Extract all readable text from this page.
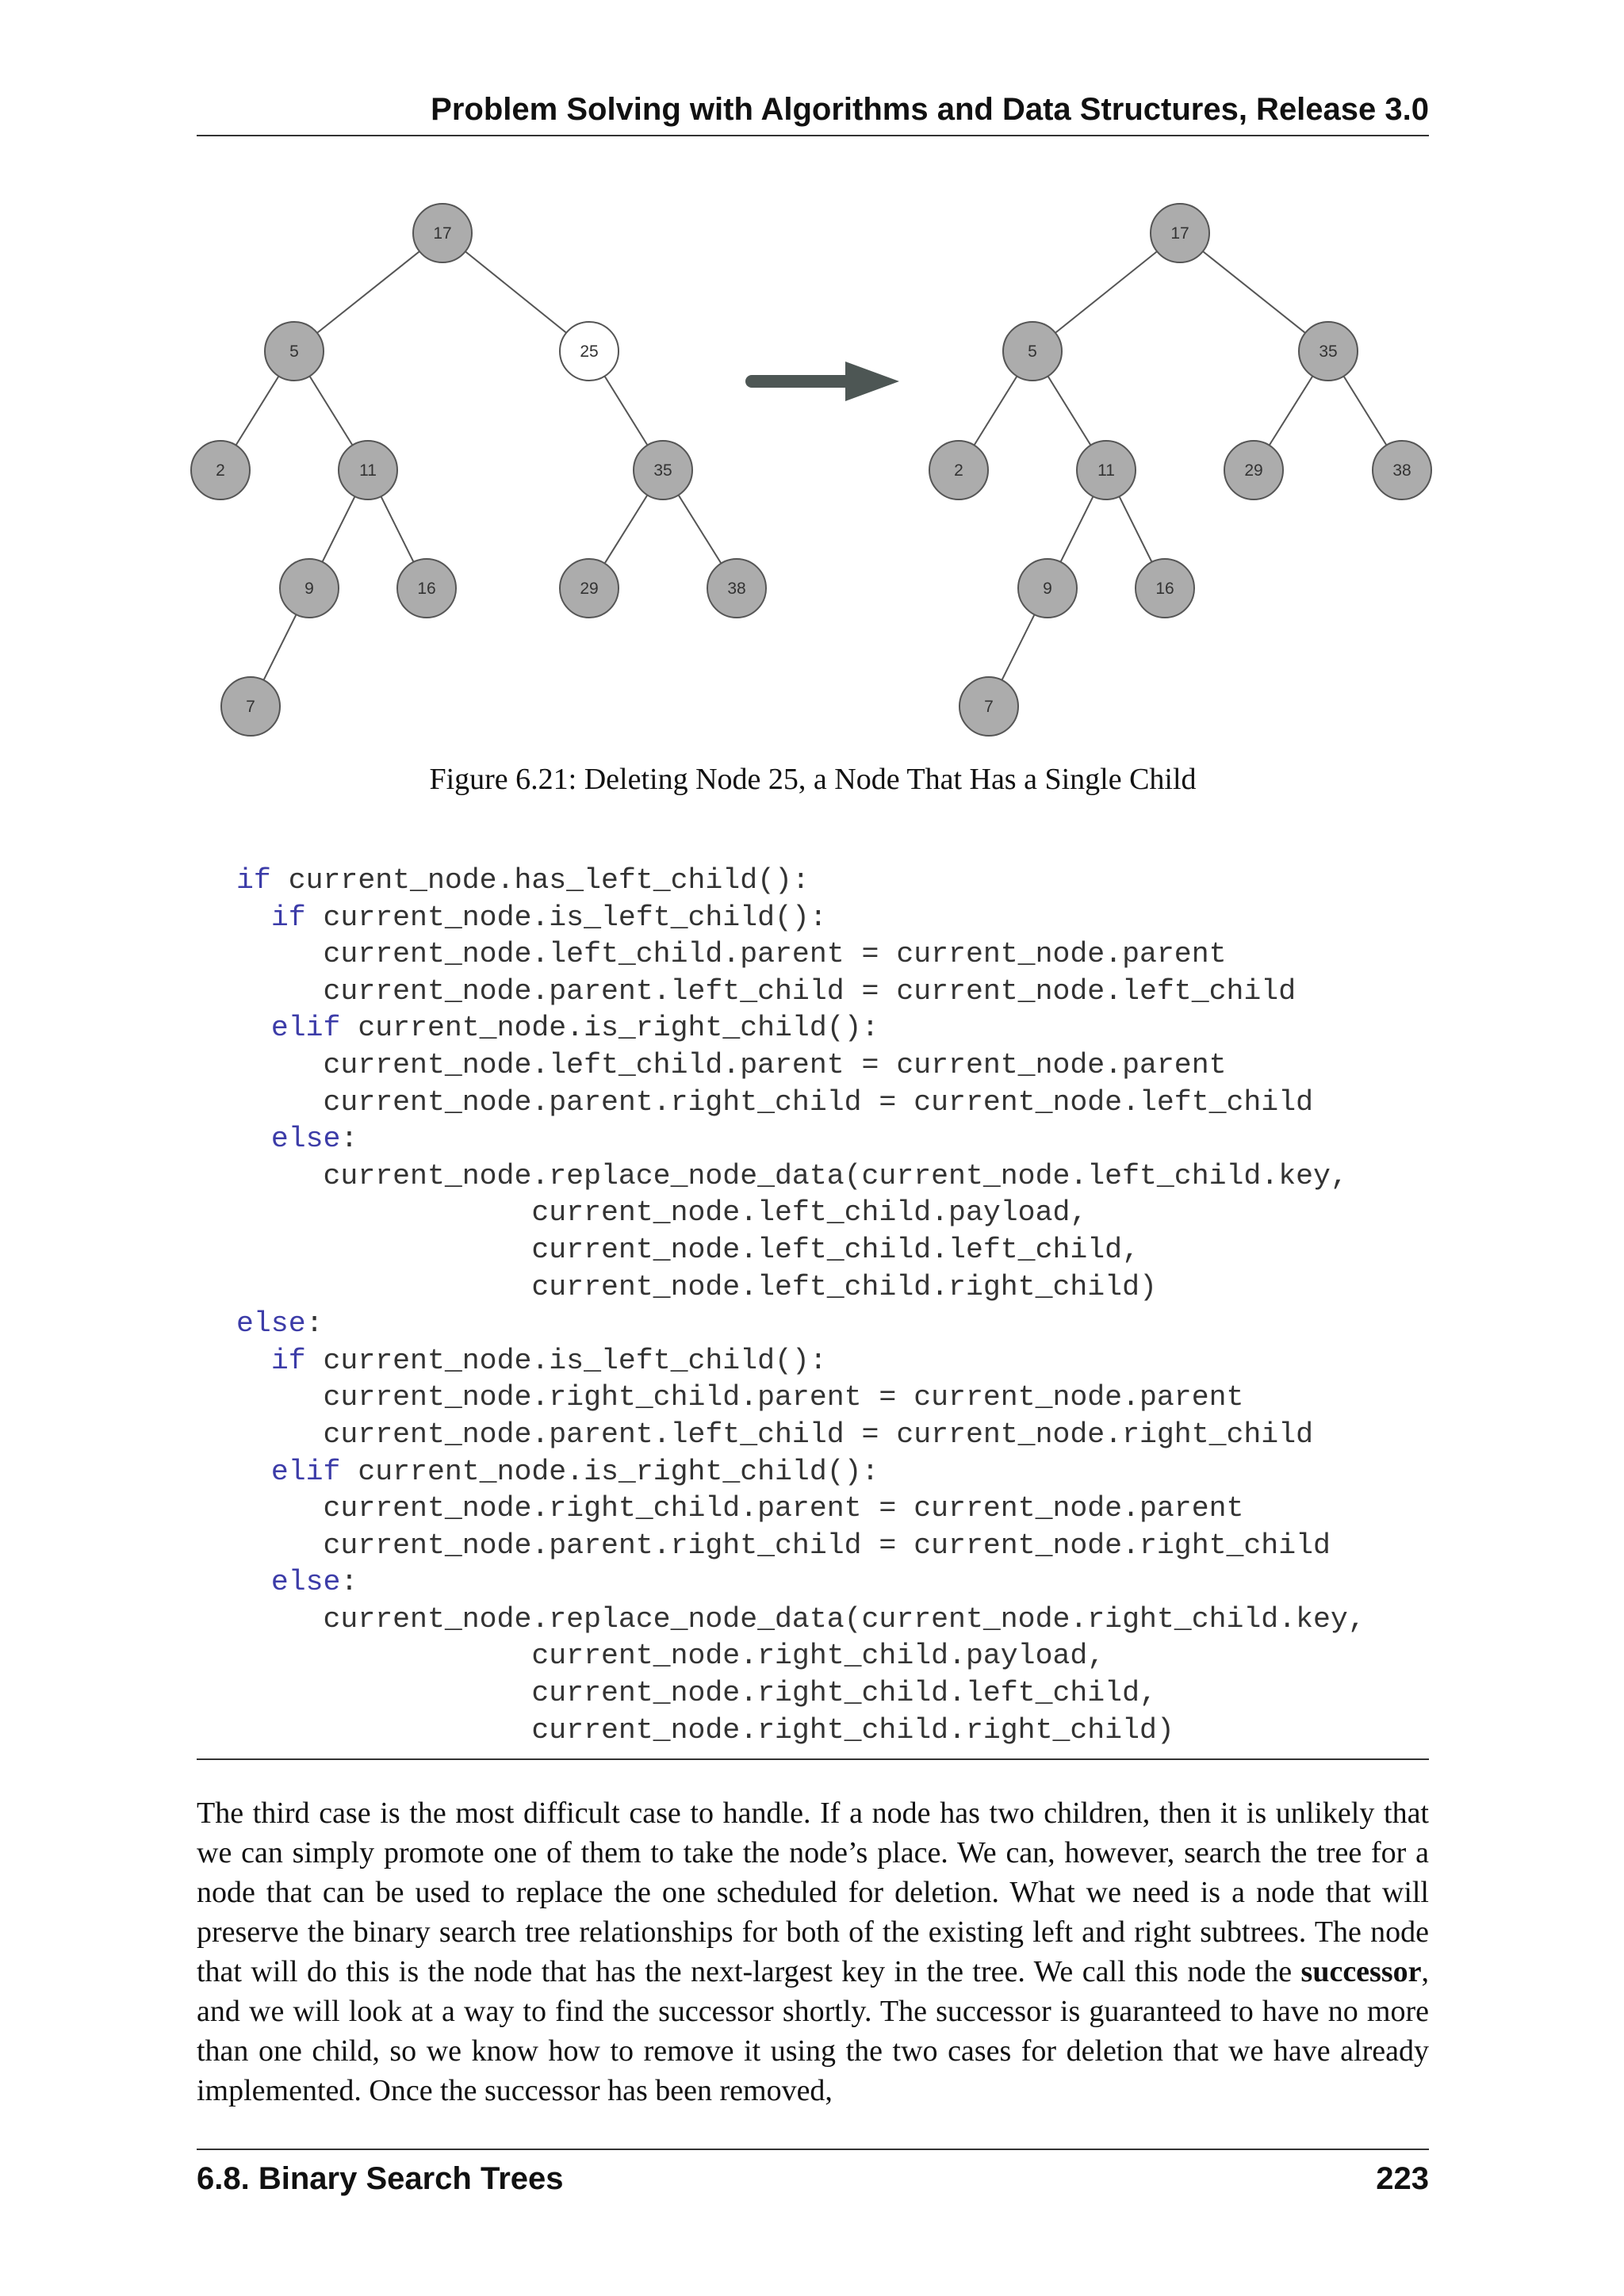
Problem Solving with Algorithms and Data Structures, Release 3.0
17
5	25
2	11	35
9	16	29	38
7
17
5	35
2	11	29	38
9	16
7
Figure 6.21: Deleting Node 25, a Node That Has a Single Child
if current_node.has_left_child():
if current_node.is_left_child():
current_node.left_child.parent = current_node.parent
current_node.parent.left_child = current_node.left_child
elif current_node.is_right_child():
current_node.left_child.parent = current_node.parent
current_node.parent.right_child = current_node.left_child
else:
current_node.replace_node_data(current_node.left_child.key,
current_node.left_child.payload,
current_node.left_child.left_child,
current_node.left_child.right_child)
else:
if current_node.is_left_child():
current_node.right_child.parent = current_node.parent
current_node.parent.left_child = current_node.right_child
elif current_node.is_right_child():
current_node.right_child.parent = current_node.parent
current_node.parent.right_child = current_node.right_child
else:
current_node.replace_node_data(current_node.right_child.key,
current_node.right_child.payload,
current_node.right_child.left_child,
current_node.right_child.right_child)

The third case is the most difficult case to handle. If a node has two children, then it is unlikely that we can simply promote one of them to take the node’s place. We can, however, search the tree for a node that can be used to replace the one scheduled for deletion. What we need is a node that will preserve the binary search tree relationships for both of the existing left and right subtrees. The node that will do this is the node that has the next-largest key in the tree. We call this node the successor, and we will look at a way to find the successor shortly. The successor is guaranteed to have no more than one child, so we know how to remove it using the two cases for deletion that we have already implemented. Once the successor has been removed,

6.8. Binary Search Trees	223
